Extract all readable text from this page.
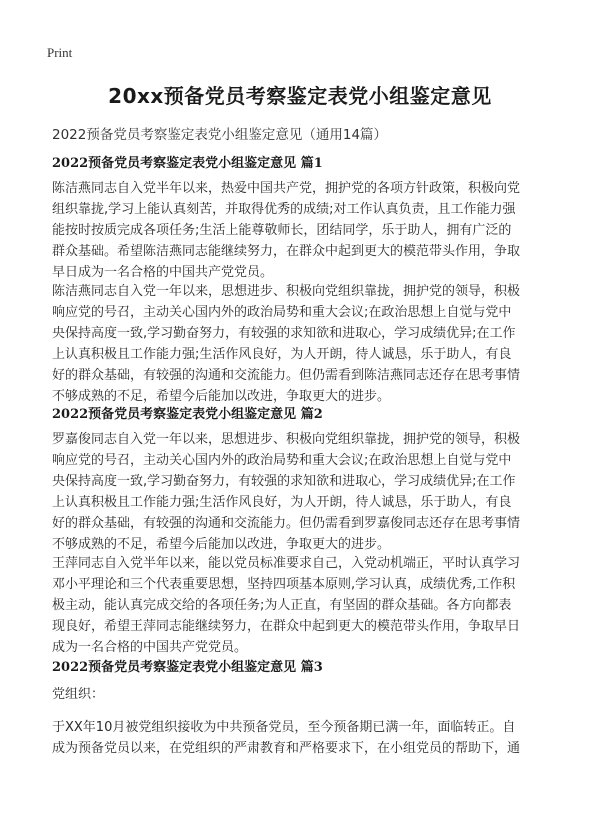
Print
20xx预备党员考察鉴定表党小组鉴定意见
2022预备党员考察鉴定表党小组鉴定意见（通用14篇）
2022预备党员考察鉴定表党小组鉴定意见 篇1
陈洁燕同志自入党半年以来，热爱中国共产党，拥护党的各项方针政策，积极向党
组织靠拢,学习上能认真刻苦，并取得优秀的成绩;对工作认真负责，且工作能力强
能按时按质完成各项任务;生活上能尊敬师长，团结同学，乐于助人，拥有广泛的
群众基础。希望陈洁燕同志能继续努力，在群众中起到更大的模范带头作用，争取
早日成为一名合格的中国共产党党员。
陈洁燕同志自入党一年以来，思想进步、积极向党组织靠拢，拥护党的领导，积极
响应党的号召，主动关心国内外的政治局势和重大会议;在政治思想上自觉与党中
央保持高度一致,学习勤奋努力，有较强的求知欲和进取心，学习成绩优异;在工作
上认真积极且工作能力强;生活作风良好，为人开朗，待人诚恳，乐于助人，有良
好的群众基础，有较强的沟通和交流能力。但仍需看到陈洁燕同志还存在思考事情
不够成熟的不足，希望今后能加以改进，争取更大的进步。
2022预备党员考察鉴定表党小组鉴定意见 篇2
罗嘉俊同志自入党一年以来，思想进步、积极向党组织靠拢，拥护党的领导，积极
响应党的号召，主动关心国内外的政治局势和重大会议;在政治思想上自觉与党中
央保持高度一致,学习勤奋努力，有较强的求知欲和进取心，学习成绩优异;在工作
上认真积极且工作能力强;生活作风良好，为人开朗，待人诚恳，乐于助人，有良
好的群众基础，有较强的沟通和交流能力。但仍需看到罗嘉俊同志还存在思考事情
不够成熟的不足，希望今后能加以改进，争取更大的进步。
王萍同志自入党半年以来，能以党员标准要求自己，入党动机端正，平时认真学习
邓小平理论和三个代表重要思想，坚持四项基本原则,学习认真，成绩优秀,工作积
极主动，能认真完成交给的各项任务;为人正直，有坚固的群众基础。各方向都表
现良好，希望王萍同志能继续努力，在群众中起到更大的模范带头作用，争取早日
成为一名合格的中国共产党党员。
2022预备党员考察鉴定表党小组鉴定意见 篇3
党组织：
于XX年10月被党组织接收为中共预备党员，至今预备期已满一年，面临转正。自
成为预备党员以来，在党组织的严肃教育和严格要求下，在小组党员的帮助下，通
